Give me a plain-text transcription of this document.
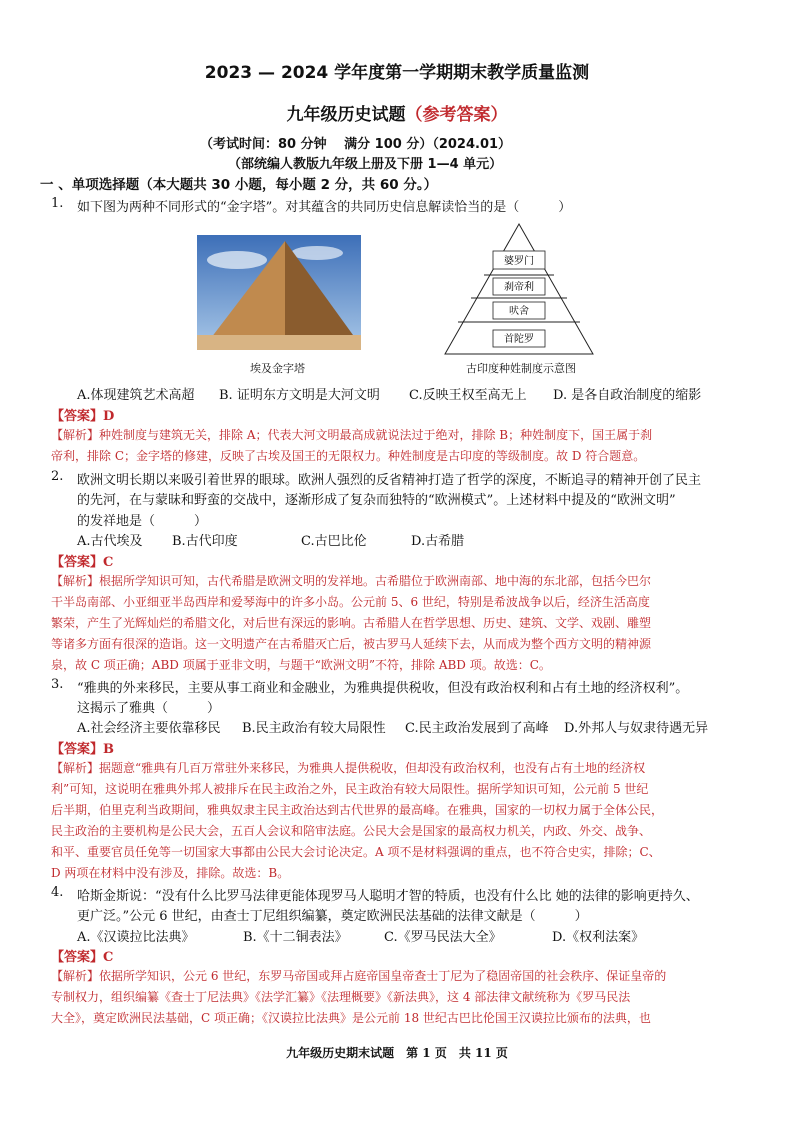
2023 — 2024 学年度第一学期期末教学质量监测
九年级历史试题（参考答案）
（考试时间：80 分钟　 满分 100 分）（2024.01）
（部统编人教版九年级上册及下册 1—4 单元）
一 、单项选择题（本大题共 30 小题，每小题 2 分，共 60 分。）
1. 如下图为两种不同形式的“金字塔”。对其蕴含的共同历史信息解读恰当的是（　　　）
埃及金字塔
婆罗门
刹帝利
吠舍
首陀罗
古印度种姓制度示意图
A.体现建筑艺术高超 B. 证明东方文明是大河文明 C.反映王权至高无上 D. 是各自政治制度的缩影
【答案】D
【解析】种姓制度与建筑无关，排除 A；代表大河文明最高成就说法过于绝对，排除 B；种姓制度下，国王属于刹
帝利，排除 C；金字塔的修建，反映了古埃及国王的无限权力。种姓制度是古印度的等级制度。故 D 符合题意。
2. 欧洲文明长期以来吸引着世界的眼球。欧洲人强烈的反省精神打造了哲学的深度，不断追寻的精神开创了民主
的先河，在与蒙昧和野蛮的交战中，逐渐形成了复杂而独特的“欧洲模式”。上述材料中提及的“欧洲文明”
的发祥地是（　　　）
A.古代埃及 B.古代印度	C.古巴比伦	D.古希腊
【答案】C
【解析】根据所学知识可知，古代希腊是欧洲文明的发祥地。古希腊位于欧洲南部、地中海的东北部，包括今巴尔
干半岛南部、小亚细亚半岛西岸和爱琴海中的许多小岛。公元前 5、6 世纪，特别是希波战争以后，经济生活高度
繁荣，产生了光辉灿烂的希腊文化，对后世有深远的影响。古希腊人在哲学思想、历史、建筑、文学、戏剧、雕塑
等诸多方面有很深的造诣。这一文明遗产在古希腊灭亡后，被古罗马人延续下去，从而成为整个西方文明的精神源
泉，故 C 项正确；ABD 项属于亚非文明，与题干“欧洲文明”不符，排除 ABD 项。故选：C。
3. “雅典的外来移民，主要从事工商业和金融业，为雅典提供税收，但没有政治权利和占有土地的经济权利”。
这揭示了雅典（　　　）
A.社会经济主要依靠移民 B.民主政治有较大局限性 C.民主政治发展到了高峰 D.外邦人与奴隶待遇无异
【答案】B
【解析】据题意“雅典有几百万常驻外来移民，为雅典人提供税收，但却没有政治权利，也没有占有土地的经济权
利”可知，这说明在雅典外邦人被排斥在民主政治之外，民主政治有较大局限性。据所学知识可知，公元前 5 世纪
后半期，伯里克利当政期间，雅典奴隶主民主政治达到古代世界的最高峰。在雅典，国家的一切权力属于全体公民，
民主政治的主要机构是公民大会，五百人会议和陪审法庭。公民大会是国家的最高权力机关，内政、外交、战争、
和平、重要官员任免等一切国家大事都由公民大会讨论决定。A 项不是材料强调的重点，也不符合史实，排除；C、
D 两项在材料中没有涉及，排除。故选：B。
4. 哈斯金斯说：“没有什么比罗马法律更能体现罗马人聪明才智的特质，也没有什么比 她的法律的影响更持久、
更广泛。”公元 6 世纪，由查士丁尼组织编纂，奠定欧洲民法基础的法律文献是（　　　）
A.《汉谟拉比法典》	B.《十二铜表法》	C.《罗马民法大全》	D.《权利法案》
【答案】C
【解析】依据所学知识，公元 6 世纪，东罗马帝国或拜占庭帝国皇帝查士丁尼为了稳固帝国的社会秩序、保证皇帝的
专制权力，组织编纂《查士丁尼法典》《法学汇纂》《法理概要》《新法典》，这 4 部法律文献统称为《罗马民法
大全》，奠定欧洲民法基础，C 项正确；《汉谟拉比法典》是公元前 18 世纪古巴比伦国王汉谟拉比颁布的法典，也
九年级历史期末试题　第 1 页　共 11 页
